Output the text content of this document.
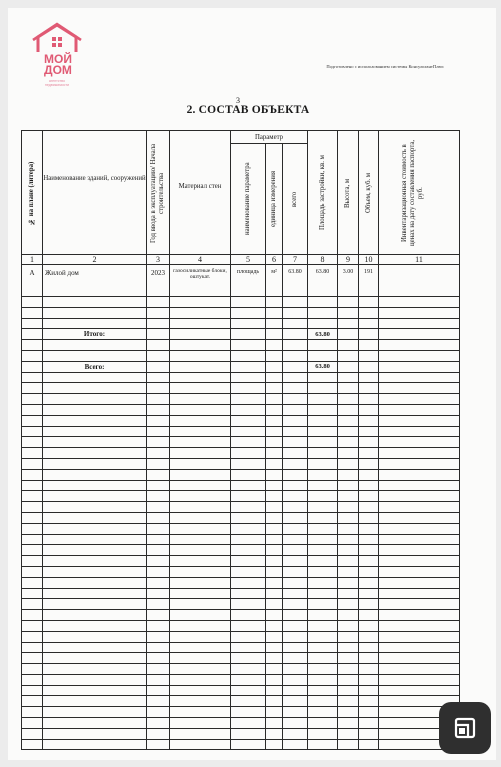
МОЙ
ДОМ
агентство
недвижимости
Подготовлено с использованием системы КонсультантПлюс
3
2. СОСТАВ ОБЪЕКТА
№ на плане (литера)	Наименование зданий, сооружений	Год ввода в эксплуатацию/ Начала строительства	Материал стен	Параметр			Площадь застройки, кв. м	Высота, м	Объем, куб. м	Инвентаризационная стоимость в ценах на дату составления паспорта, руб.

				наименование параметра	единица измерения	всего				

1	2	3	4	5	6	7	8	9	10	11
А	Жилой дом	2023	газосиликатные блоки, оштукат.	площадь	м²	63.80	63.80	3.00	191	

	Итого:						63.80			

	Всего:						63.80			
